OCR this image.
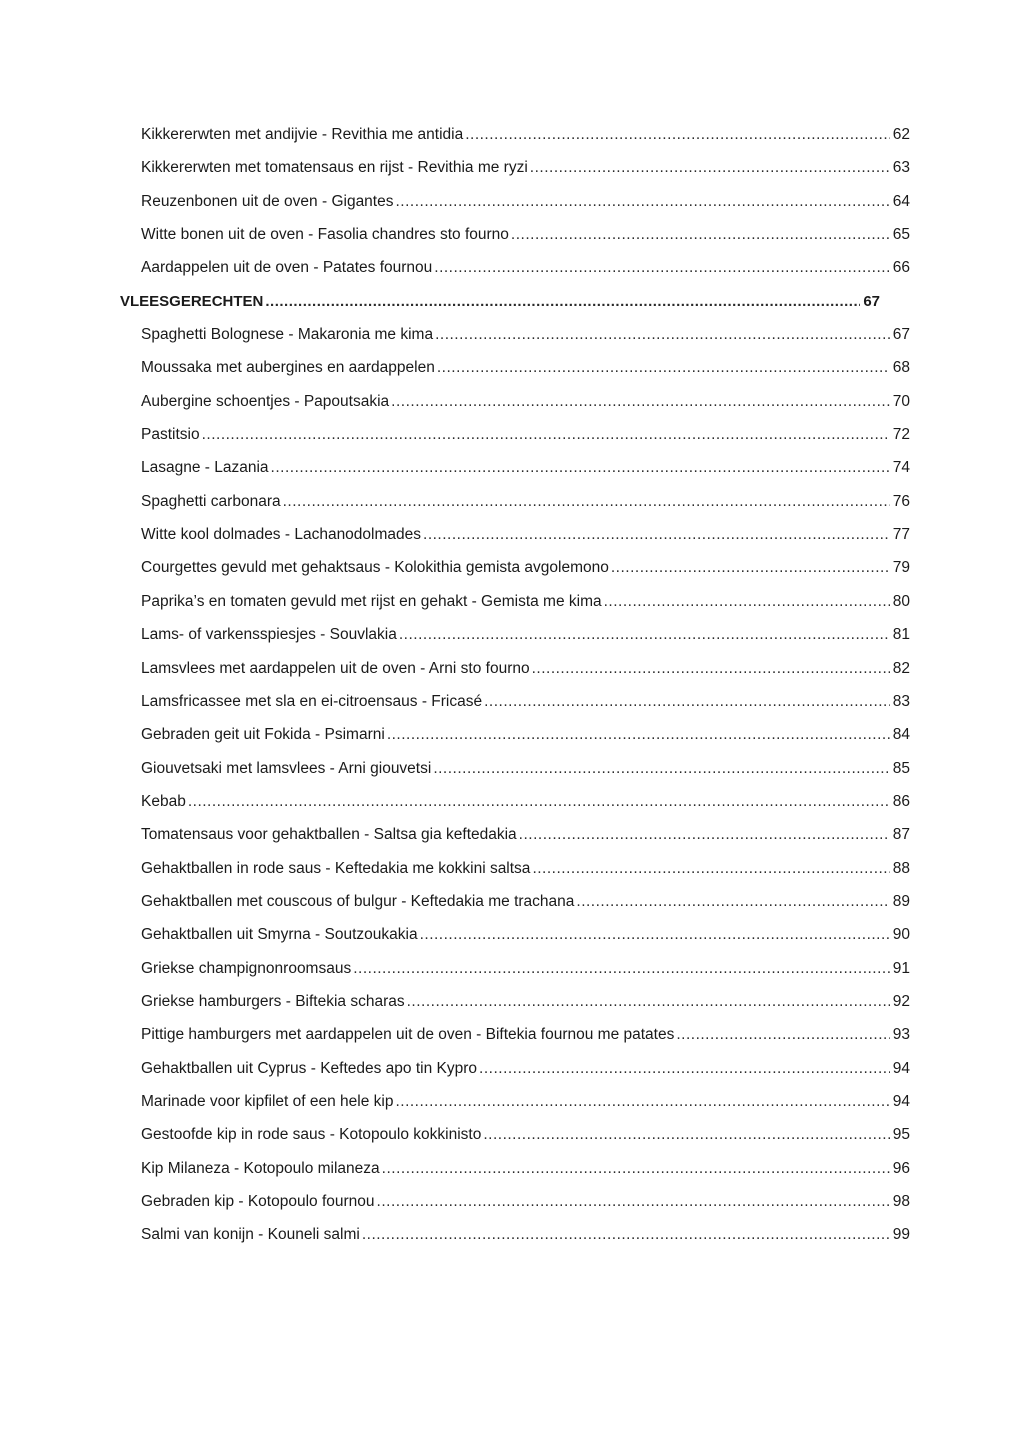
Kikkererwten met andijvie - Revithia me antidia .....	62
Kikkererwten met tomatensaus en rijst - Revithia me ryzi .....	63
Reuzenbonen uit de oven - Gigantes .....	64
Witte bonen uit de oven - Fasolia chandres sto fourno .....	65
Aardappelen uit de oven - Patates fournou .....	66
VLEESGERECHTEN .....	67
Spaghetti Bolognese - Makaronia me kima .....	67
Moussaka met aubergines en aardappelen .....	68
Aubergine schoentjes - Papoutsakia .....	70
Pastitsio .....	72
Lasagne - Lazania .....	74
Spaghetti carbonara .....	76
Witte kool dolmades - Lachanodolmades .....	77
Courgettes gevuld met gehaktsaus - Kolokithia gemista avgolemono .....	79
Paprika’s en tomaten gevuld met rijst en gehakt - Gemista me kima .....	80
Lams- of varkensspiesjes - Souvlakia .....	81
Lamsvlees met aardappelen uit de oven - Arni sto fourno .....	82
Lamsfricassee met sla en ei-citroensaus - Fricasé .....	83
Gebraden geit uit Fokida - Psimarni .....	84
Giouvetsaki met lamsvlees - Arni giouvetsi .....	85
Kebab .....	86
Tomatensaus voor gehaktballen - Saltsa gia keftedakia .....	87
Gehaktballen in rode saus - Keftedakia me kokkini saltsa .....	88
Gehaktballen met couscous of bulgur - Keftedakia me trachana .....	89
Gehaktballen uit Smyrna - Soutzoukakia .....	90
Griekse champignonroomsaus .....	91
Griekse hamburgers - Biftekia scharas .....	92
Pittige hamburgers met aardappelen uit de oven - Biftekia fournou me patates .....	93
Gehaktballen uit Cyprus - Keftedes apo tin Kypro .....	94
Marinade voor kipfilet of een hele kip .....	94
Gestoofde kip in rode saus - Kotopoulo kokkinisto .....	95
Kip Milaneza - Kotopoulo milaneza .....	96
Gebraden kip - Kotopoulo fournou .....	98
Salmi van konijn - Kouneli salmi .....	99
